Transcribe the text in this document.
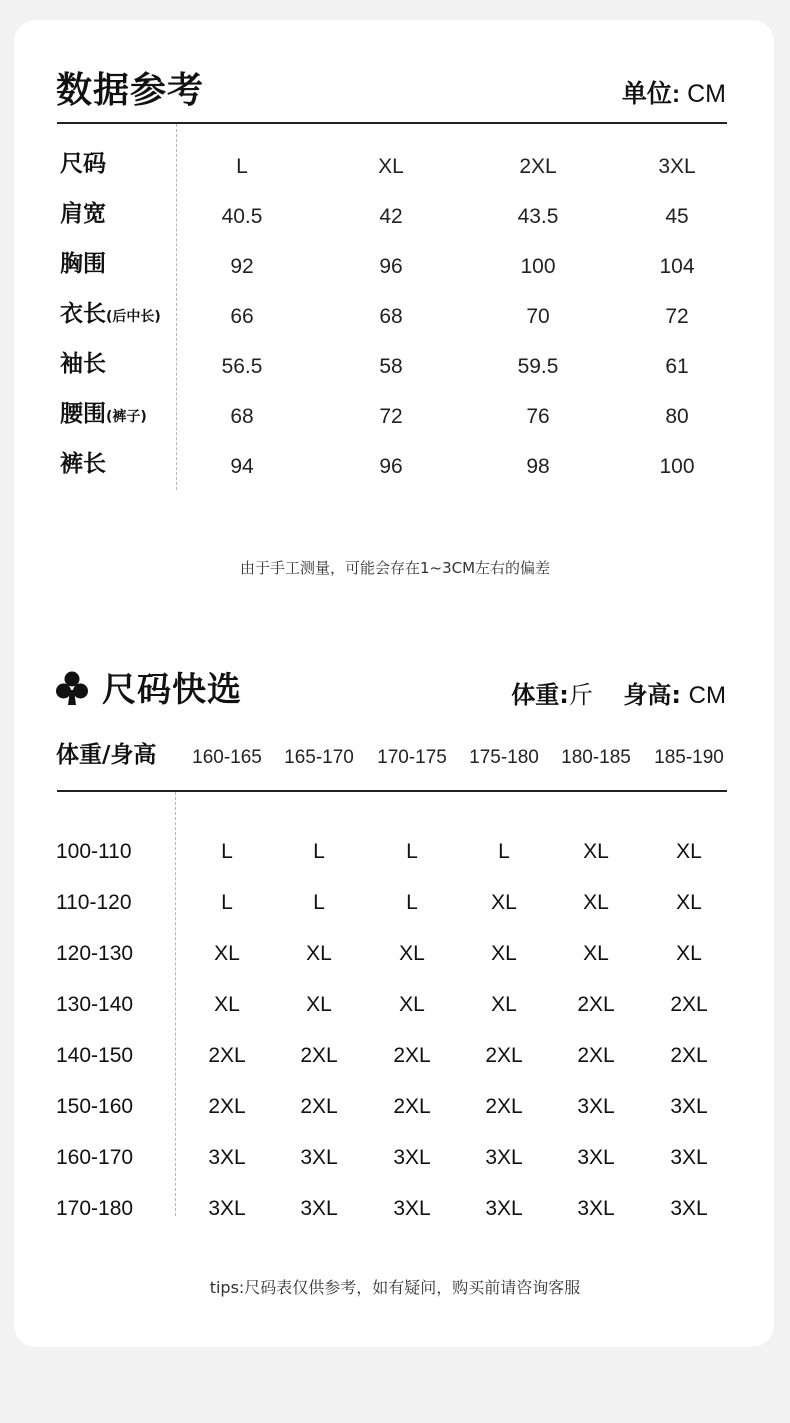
数据参考	单位: CM
尺码	L	XL	2XL	3XL
肩宽	40.5	42	43.5	45
胸围	92	96	100	104
衣长(后中长)	66	68	70	72
袖长	56.5	58	59.5	61
腰围(裤子)	68	72	76	80
裤长	94	96	98	100
由于手工测量，可能会存在1~3CM左右的偏差
尺码快选	体重:斤 身高: CM
体重/身高	160-165	165-170	170-175	175-180	180-185	185-190
100-110	L	L	L	L	XL	XL
110-120	L	L	L	XL	XL	XL
120-130	XL	XL	XL	XL	XL	XL
130-140	XL	XL	XL	XL	2XL	2XL
140-150	2XL	2XL	2XL	2XL	2XL	2XL
150-160	2XL	2XL	2XL	2XL	3XL	3XL
160-170	3XL	3XL	3XL	3XL	3XL	3XL
170-180	3XL	3XL	3XL	3XL	3XL	3XL
tips:尺码表仅供参考，如有疑问，购买前请咨询客服
